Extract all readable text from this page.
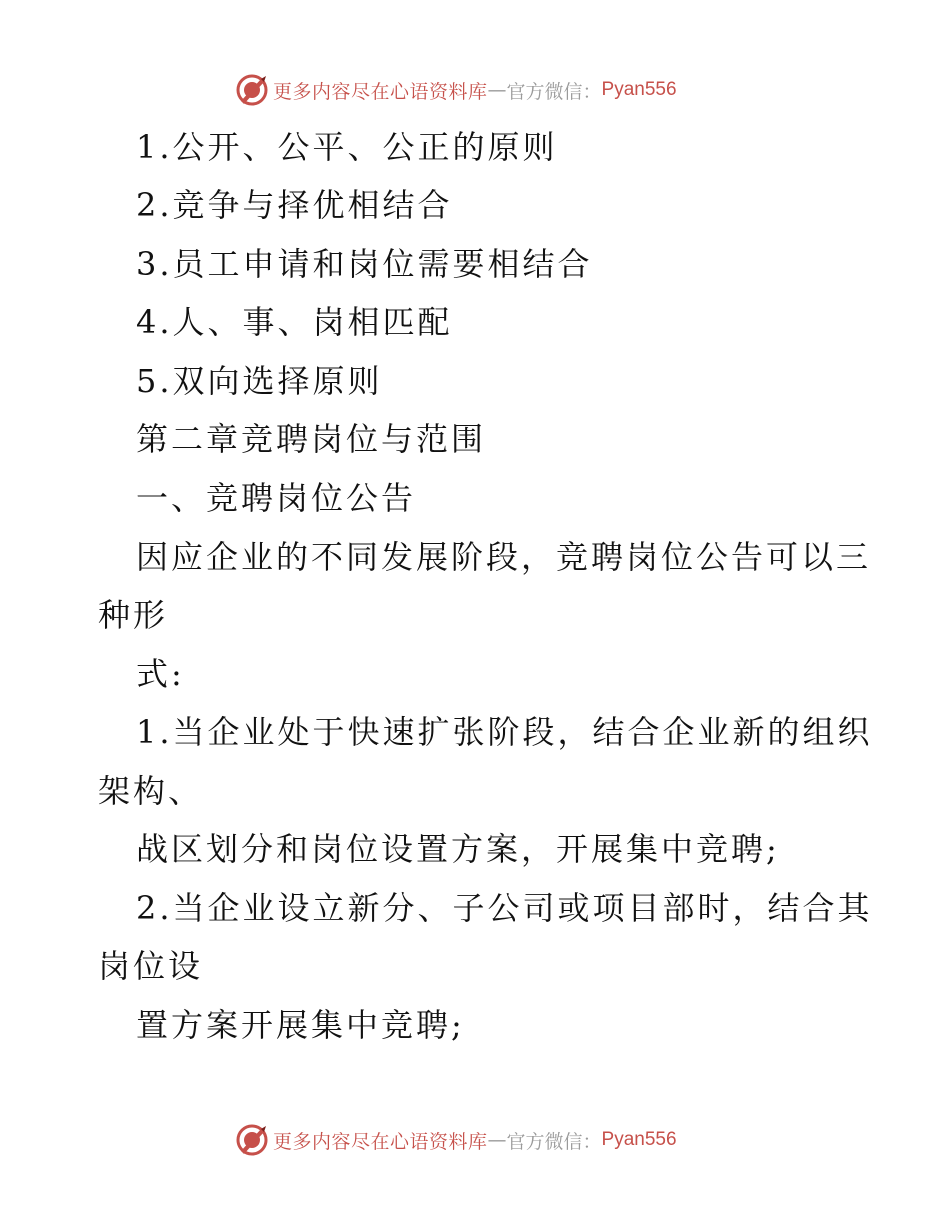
更多内容尽在心语资料库 — 官方微信： Pyan556
1.公开、公平、公正的原则
2.竞争与择优相结合
3.员工申请和岗位需要相结合
4.人、事、岗相匹配
5.双向选择原则
第二章竞聘岗位与范围
一、竞聘岗位公告
因应企业的不同发展阶段，竞聘岗位公告可以三
种形
式:
1.当企业处于快速扩张阶段，结合企业新的组织
架构、
战区划分和岗位设置方案，开展集中竞聘;
2.当企业设立新分、子公司或项目部时，结合其
岗位设
置方案开展集中竞聘;
更多内容尽在心语资料库 — 官方微信： Pyan556
